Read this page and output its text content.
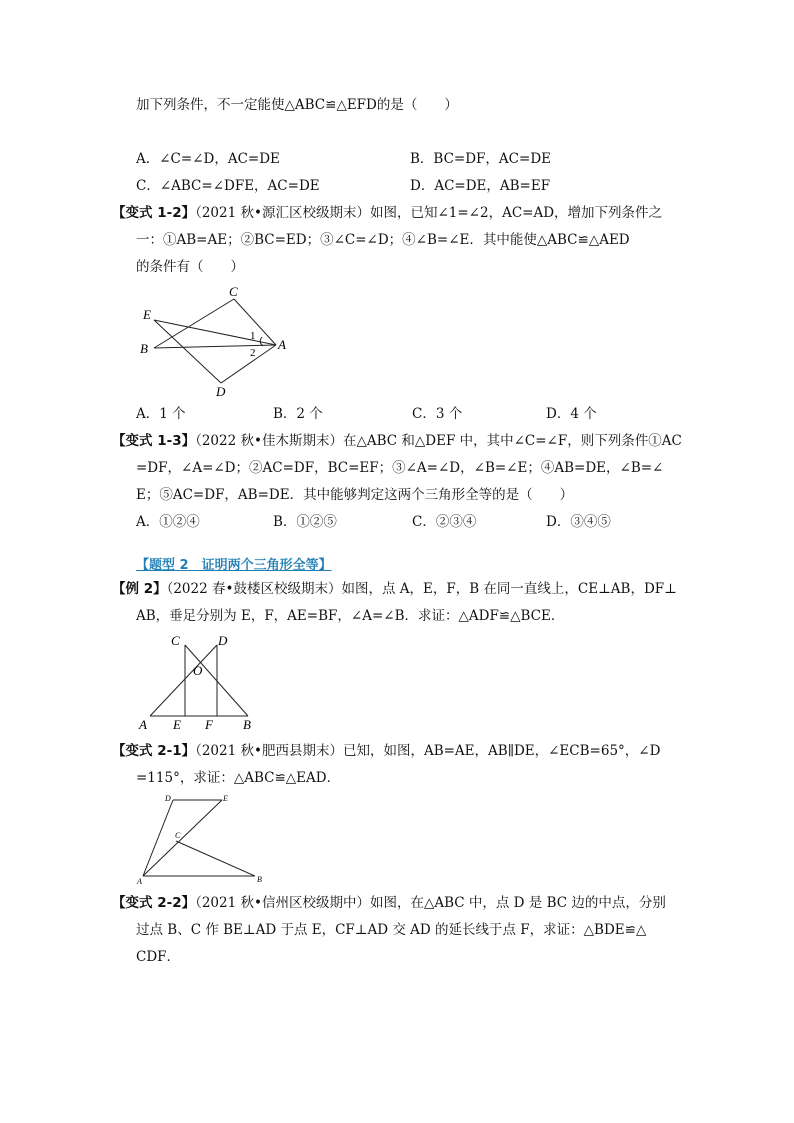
加下列条件，不一定能使△ABC≌△EFD的是（　　）
A．∠C=∠D，AC=DE	B．BC=DF，AC=DE
C．∠ABC=∠DFE，AC=DE	D．AC=DE，AB=EF
【变式 1-2】（2021 秋•源汇区校级期末）如图，已知∠1=∠2，AC=AD，增加下列条件之
一：①AB=AE；②BC=ED；③∠C=∠D；④∠B=∠E．其中能使△ABC≌△AED
的条件有（　　）
C
E
B	A
D
1
2
A．1 个	B．2 个	C．3 个	D．4 个
【变式 1-3】（2022 秋•佳木斯期末）在△ABC 和△DEF 中，其中∠C=∠F，则下列条件①AC
=DF，∠A=∠D；②AC=DF，BC=EF；③∠A=∠D，∠B=∠E；④AB=DE，∠B=∠
E；⑤AC=DF，AB=DE．其中能够判定这两个三角形全等的是（　　）
A．①②④	B．①②⑤	C．②③④	D．③④⑤
【题型 2　证明两个三角形全等】
【例 2】（2022 春•鼓楼区校级期末）如图，点 A，E，F，B 在同一直线上，CE⊥AB，DF⊥
AB，垂足分别为 E，F，AE=BF，∠A=∠B．求证：△ADF≌△BCE．
C	D
O
A E F B
【变式 2-1】（2021 秋•肥西县期末）已知，如图，AB=AE，AB∥DE，∠ECB=65°，∠D
=115°，求证：△ABC≌△EAD．
D	E
C
A	B
【变式 2-2】（2021 秋•信州区校级期中）如图，在△ABC 中，点 D 是 BC 边的中点，分别
过点 B、C 作 BE⊥AD 于点 E，CF⊥AD 交 AD 的延长线于点 F，求证：△BDE≌△
CDF．
